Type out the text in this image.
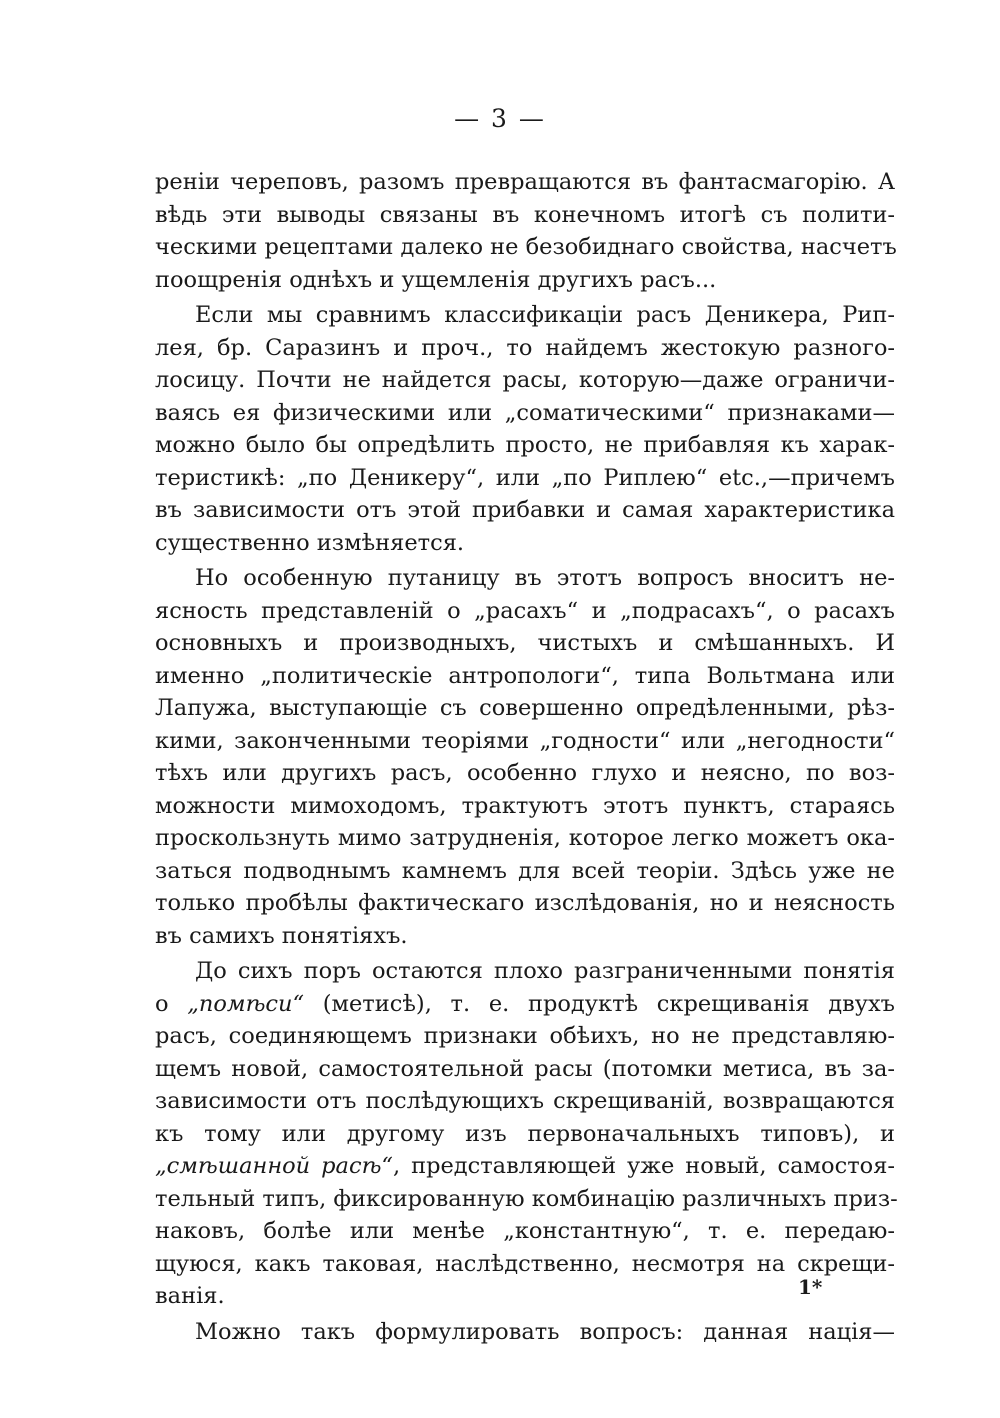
— 3 —
реніи череповъ, разомъ превращаются въ фантасмагорію. А
вѣдь эти выводы связаны въ конечномъ итогѣ съ полити-
ческими рецептами далеко не безобиднаго свойства, насчетъ
поощренія однѣхъ и ущемленія другихъ расъ...
Если мы сравнимъ классификаціи расъ Деникера, Рип-
лея, бр. Саразинъ и проч., то найдемъ жестокую разного-
лосицу. Почти не найдется расы, которую—даже ограничи-
ваясь ея физическими или „соматическими“ признаками—
можно было бы опредѣлить просто, не прибавляя къ харак-
теристикѣ: „по Деникеру“, или „по Риплею“ etc.,—причемъ
въ зависимости отъ этой прибавки и самая характеристика
существенно измѣняется.
Но особенную путаницу въ этотъ вопросъ вноситъ не-
ясность представленій о „расахъ“ и „подрасахъ“, о расахъ
основныхъ и производныхъ, чистыхъ и смѣшанныхъ. И
именно „политическіе антропологи“, типа Вольтмана или
Лапужа, выступающіе съ совершенно опредѣленными, рѣз-
кими, законченными теоріями „годности“ или „негодности“
тѣхъ или другихъ расъ, особенно глухо и неясно, по воз-
можности мимоходомъ, трактуютъ этотъ пунктъ, стараясь
проскользнуть мимо затрудненія, которое легко можетъ ока-
заться подводнымъ камнемъ для всей теоріи. Здѣсь уже не
только пробѣлы фактическаго изслѣдованія, но и неясность
въ самихъ понятіяхъ.
До сихъ поръ остаются плохо разграниченными понятія
о „помѣси“ (метисѣ), т. е. продуктѣ скрещиванія двухъ
расъ, соединяющемъ признаки обѣихъ, но не представляю-
щемъ новой, самостоятельной расы (потомки метиса, въ за-
зависимости отъ послѣдующихъ скрещиваній, возвращаются
къ тому или другому изъ первоначальныхъ типовъ), и
„смѣшанной расѣ“, представляющей уже новый, самостоя-
тельный типъ, фиксированную комбинацію различныхъ приз-
наковъ, болѣе или менѣе „константную“, т. е. передаю-
щуюся, какъ таковая, наслѣдственно, несмотря на скрещи-
ванія.
Можно такъ формулировать вопросъ: данная нація—
1*
